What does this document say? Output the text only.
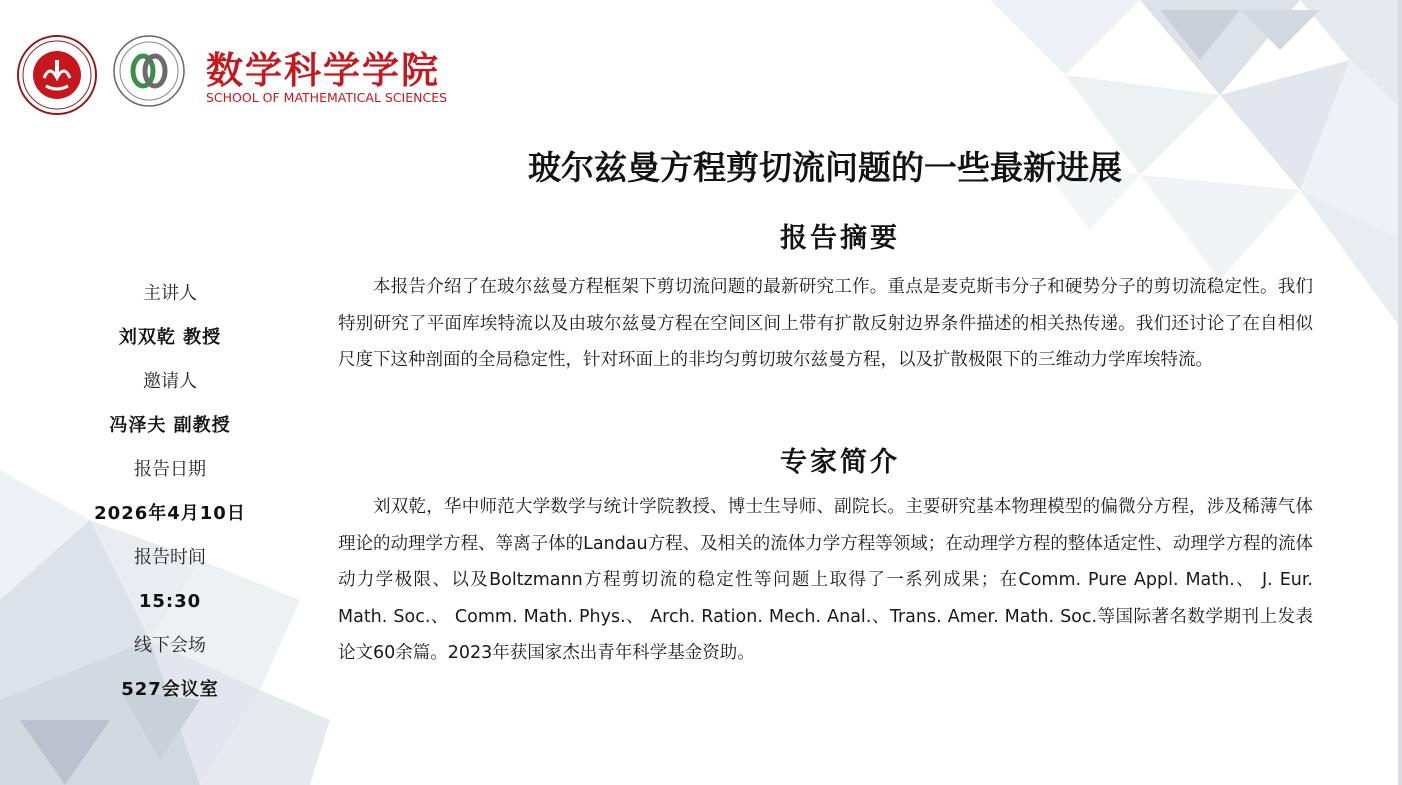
数学科学学院
SCHOOL OF MATHEMATICAL SCIENCES
玻尔兹曼方程剪切流问题的一些最新进展
报告摘要
本报告介绍了在玻尔兹曼方程框架下剪切流问题的最新研究工作。重点是麦克斯韦分子和硬势分子的剪切流稳定性。我们特别研究了平面库埃特流以及由玻尔兹曼方程在空间区间上带有扩散反射边界条件描述的相关热传递。我们还讨论了在自相似尺度下这种剖面的全局稳定性，针对环面上的非均匀剪切玻尔兹曼方程，以及扩散极限下的三维动力学库埃特流。
专家简介
刘双乾，华中师范大学数学与统计学院教授、博士生导师、副院长。主要研究基本物理模型的偏微分方程，涉及稀薄气体理论的动理学方程、等离子体的Landau方程、及相关的流体力学方程等领域；在动理学方程的整体适定性、动理学方程的流体动力学极限、以及Boltzmann方程剪切流的稳定性等问题上取得了一系列成果；在Comm. Pure Appl. Math.、 J. Eur. Math. Soc.、 Comm. Math. Phys.、 Arch. Ration. Mech. Anal.、Trans. Amer. Math. Soc.等国际著名数学期刊上发表论文60余篇。2023年获国家杰出青年科学基金资助。
主讲人
刘双乾 教授
邀请人
冯泽夫 副教授
报告日期
2026年4月10日
报告时间
15:30
线下会场
527会议室
